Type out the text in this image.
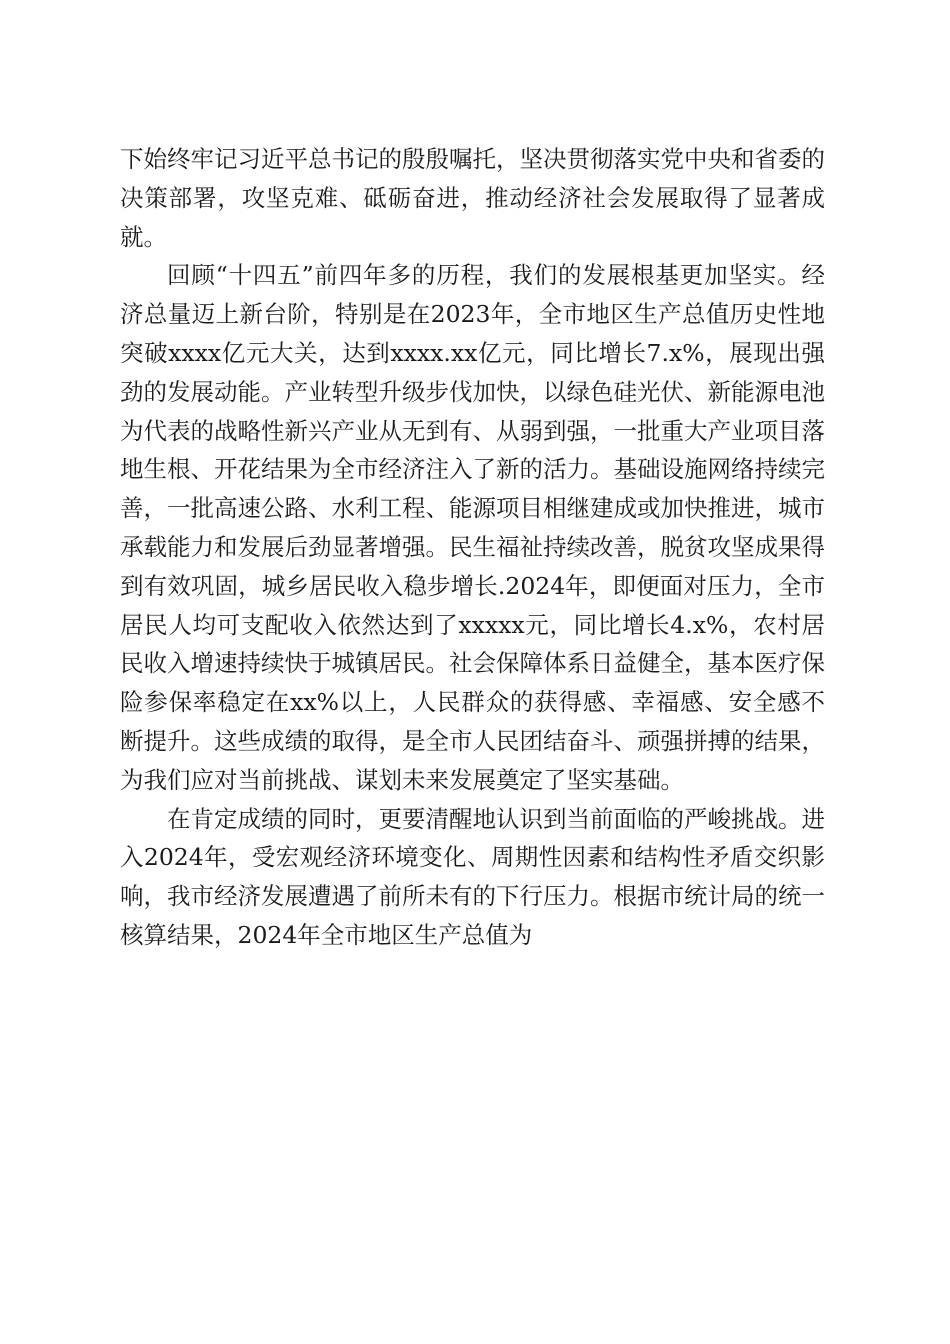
下始终牢记习近平总书记的殷殷嘱托，坚决贯彻落实党中央和省委的决策部署，攻坚克难、砥砺奋进，推动经济社会发展取得了显著成就。

回顾“十四五”前四年多的历程，我们的发展根基更加坚实。经济总量迈上新台阶，特别是在2023年，全市地区生产总值历史性地突破xxxx亿元大关，达到xxxx.xx亿元，同比增长7.x%，展现出强劲的发展动能。产业转型升级步伐加快，以绿色硅光伏、新能源电池为代表的战略性新兴产业从无到有、从弱到强，一批重大产业项目落地生根、开花结果为全市经济注入了新的活力。基础设施网络持续完善，一批高速公路、水利工程、能源项目相继建成或加快推进，城市承载能力和发展后劲显著增强。民生福祉持续改善，脱贫攻坚成果得到有效巩固，城乡居民收入稳步增长.2024年，即便面对压力，全市居民人均可支配收入依然达到了xxxxx元，同比增长4.x%，农村居民收入增速持续快于城镇居民。社会保障体系日益健全，基本医疗保险参保率稳定在xx%以上，人民群众的获得感、幸福感、安全感不断提升。这些成绩的取得，是全市人民团结奋斗、顽强拼搏的结果，为我们应对当前挑战、谋划未来发展奠定了坚实基础。

在肯定成绩的同时，更要清醒地认识到当前面临的严峻挑战。进入2024年，受宏观经济环境变化、周期性因素和结构性矛盾交织影响，我市经济发展遭遇了前所未有的下行压力。根据市统计局的统一核算结果，2024年全市地区生产总值为
